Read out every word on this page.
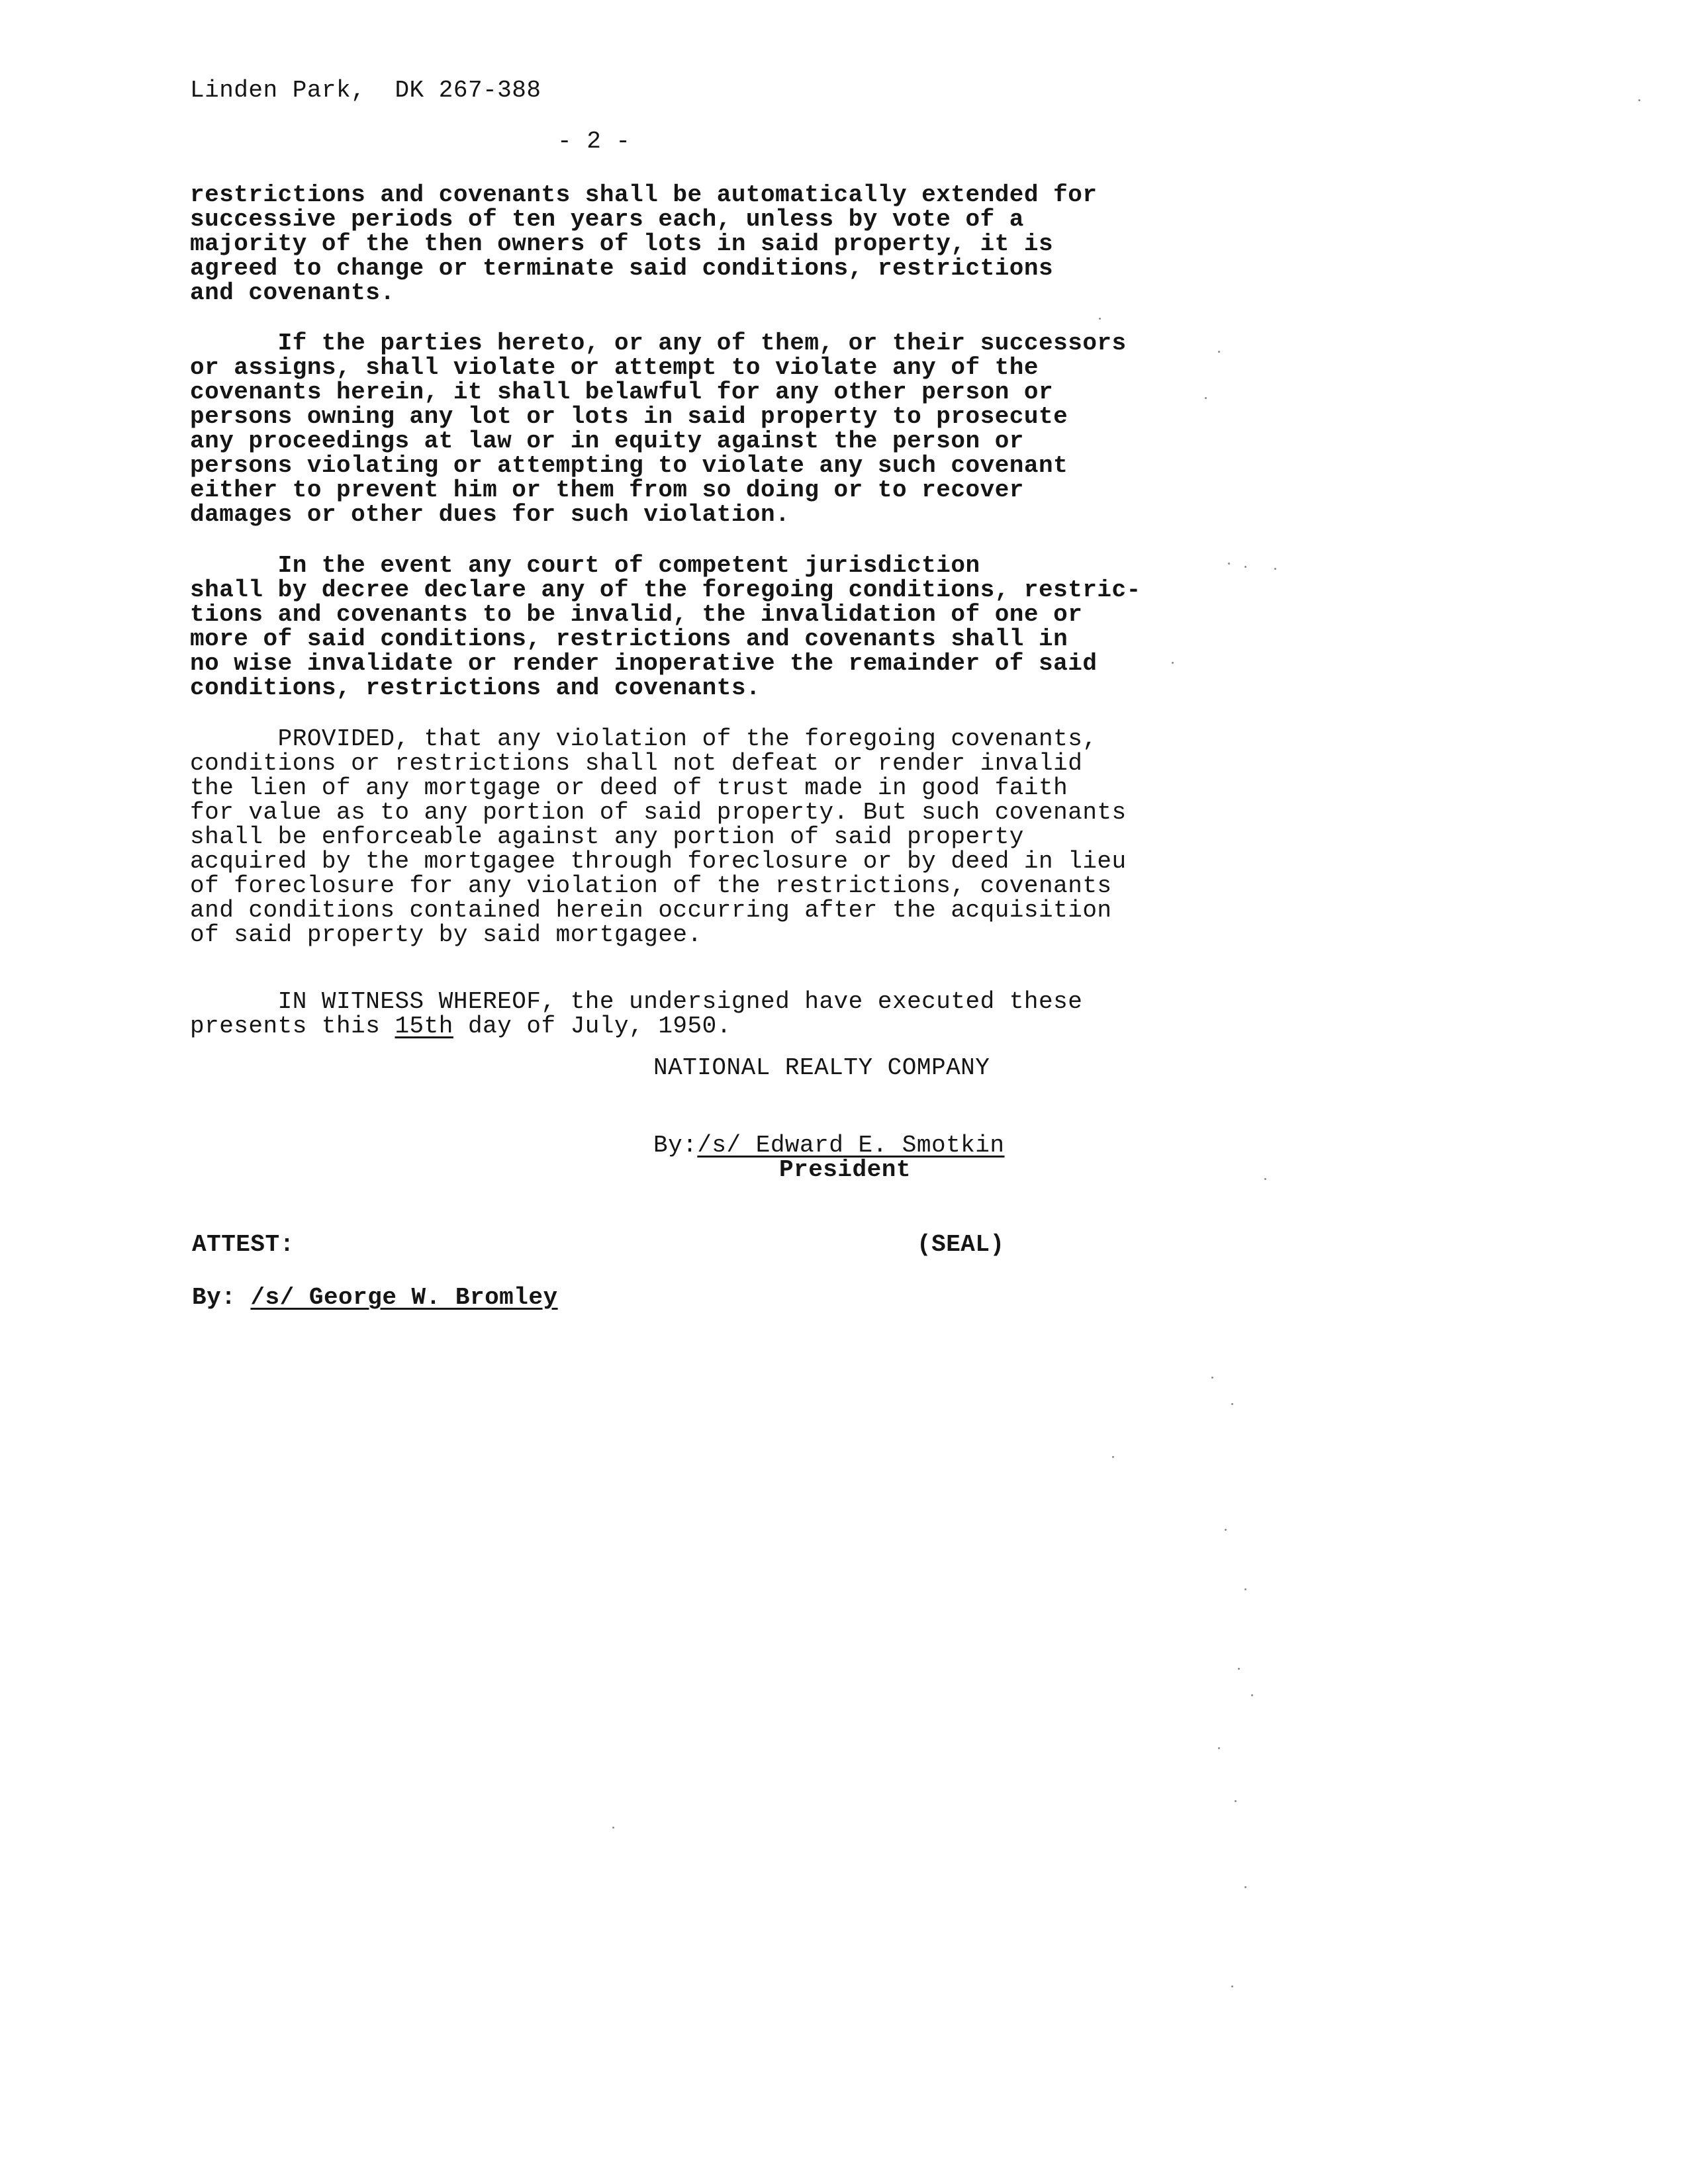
Linden Park,  DK 267-388
- 2 -
restrictions and covenants shall be automatically extended for
successive periods of ten years each, unless by vote of a
majority of the then owners of lots in said property, it is
agreed to change or terminate said conditions, restrictions
and covenants.
If the parties hereto, or any of them, or their successors
or assigns, shall violate or attempt to violate any of the
covenants herein, it shall belawful for any other person or
persons owning any lot or lots in said property to prosecute
any proceedings at law or in equity against the person or
persons violating or attempting to violate any such covenant
either to prevent him or them from so doing or to recover
damages or other dues for such violation.
In the event any court of competent jurisdiction
shall by decree declare any of the foregoing conditions, restric-
tions and covenants to be invalid, the invalidation of one or
more of said conditions, restrictions and covenants shall in
no wise invalidate or render inoperative the remainder of said
conditions, restrictions and covenants.
PROVIDED, that any violation of the foregoing covenants,
conditions or restrictions shall not defeat or render invalid
the lien of any mortgage or deed of trust made in good faith
for value as to any portion of said property. But such covenants
shall be enforceable against any portion of said property
acquired by the mortgagee through foreclosure or by deed in lieu
of foreclosure for any violation of the restrictions, covenants
and conditions contained herein occurring after the acquisition
of said property by said mortgagee.
IN WITNESS WHEREOF, the undersigned have executed these
presents this 15th day of July, 1950.
NATIONAL REALTY COMPANY
By:/s/ Edward E. Smotkin
President
ATTEST:	(SEAL)
By: /s/ George W. Bromley
